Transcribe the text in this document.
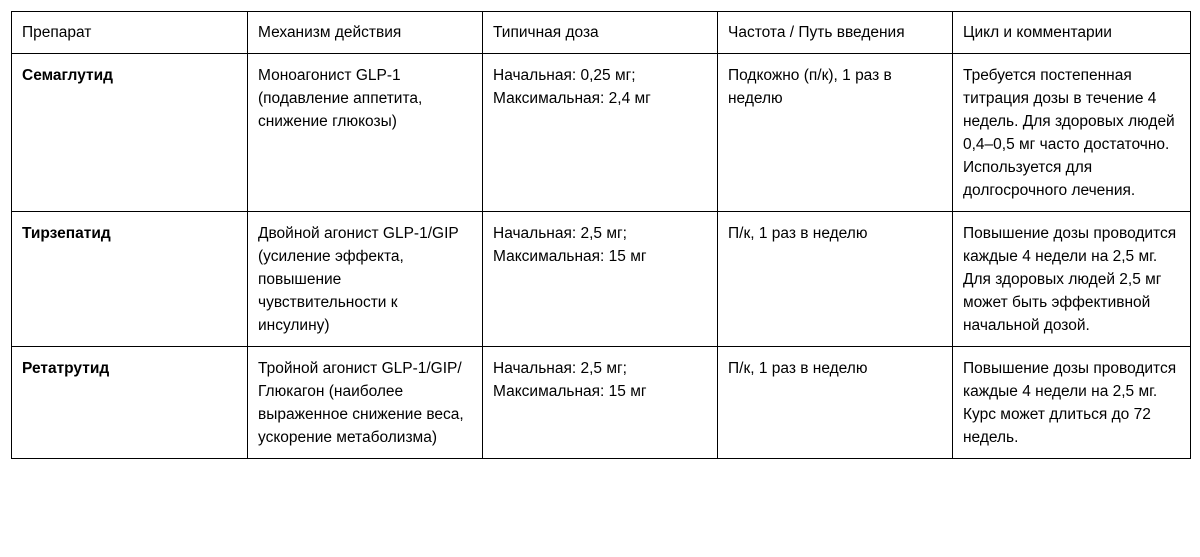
Препарат	Механизм действия	Типичная доза	Частота / Путь введения	Цикл и комментарии
Семаглутид	Моноагонист GLP-1 (подавление аппетита, снижение глюкозы)	Начальная: 0,25 мг; Максимальная: 2,4 мг	Подкожно (п/к), 1 раз в неделю	Требуется постепенная титрация дозы в течение 4 недель. Для здоровых людей 0,4–0,5 мг часто достаточно. Используется для долгосрочного лечения.
Тирзепатид	Двойной агонист GLP-1/GIP (усиление эффекта, повышение чувствительности к инсулину)	Начальная: 2,5 мг; Максимальная: 15 мг	П/к, 1 раз в неделю	Повышение дозы проводится каждые 4 недели на 2,5 мг. Для здоровых людей 2,5 мг может быть эффективной начальной дозой.
Ретатрутид	Тройной агонист GLP-1/GIP/Глюкагон (наиболее выраженное снижение веса, ускорение метаболизма)	Начальная: 2,5 мг; Максимальная: 15 мг	П/к, 1 раз в неделю	Повышение дозы проводится каждые 4 недели на 2,5 мг. Курс может длиться до 72 недель.
